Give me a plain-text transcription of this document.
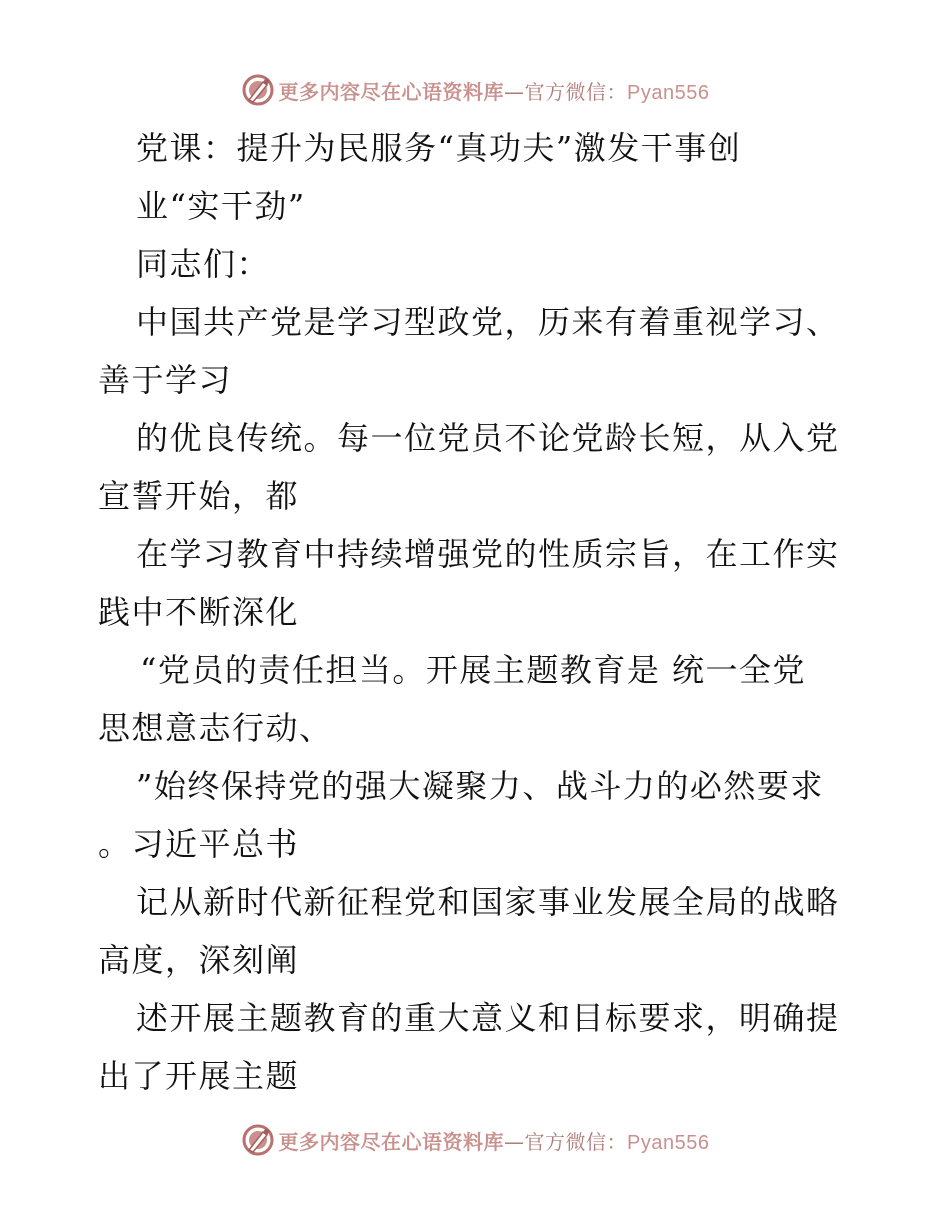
更多内容尽在心语资料库—官方微信：Pyan556
党课：提升为民服务“真功夫”激发干事创
业“实干劲”
同志们：
中国共产党是学习型政党，历来有着重视学习、
善于学习
的优良传统。每一位党员不论党龄长短，从入党
宣誓开始，都
在学习教育中持续增强党的性质宗旨，在工作实
践中不断深化
“党员的责任担当。开展主题教育是 统一全党
思想意志行动、
”始终保持党的强大凝聚力、战斗力的必然要求
。习近平总书
记从新时代新征程党和国家事业发展全局的战略
高度，深刻阐
述开展主题教育的重大意义和目标要求，明确提
出了开展主题
更多内容尽在心语资料库—官方微信：Pyan556
